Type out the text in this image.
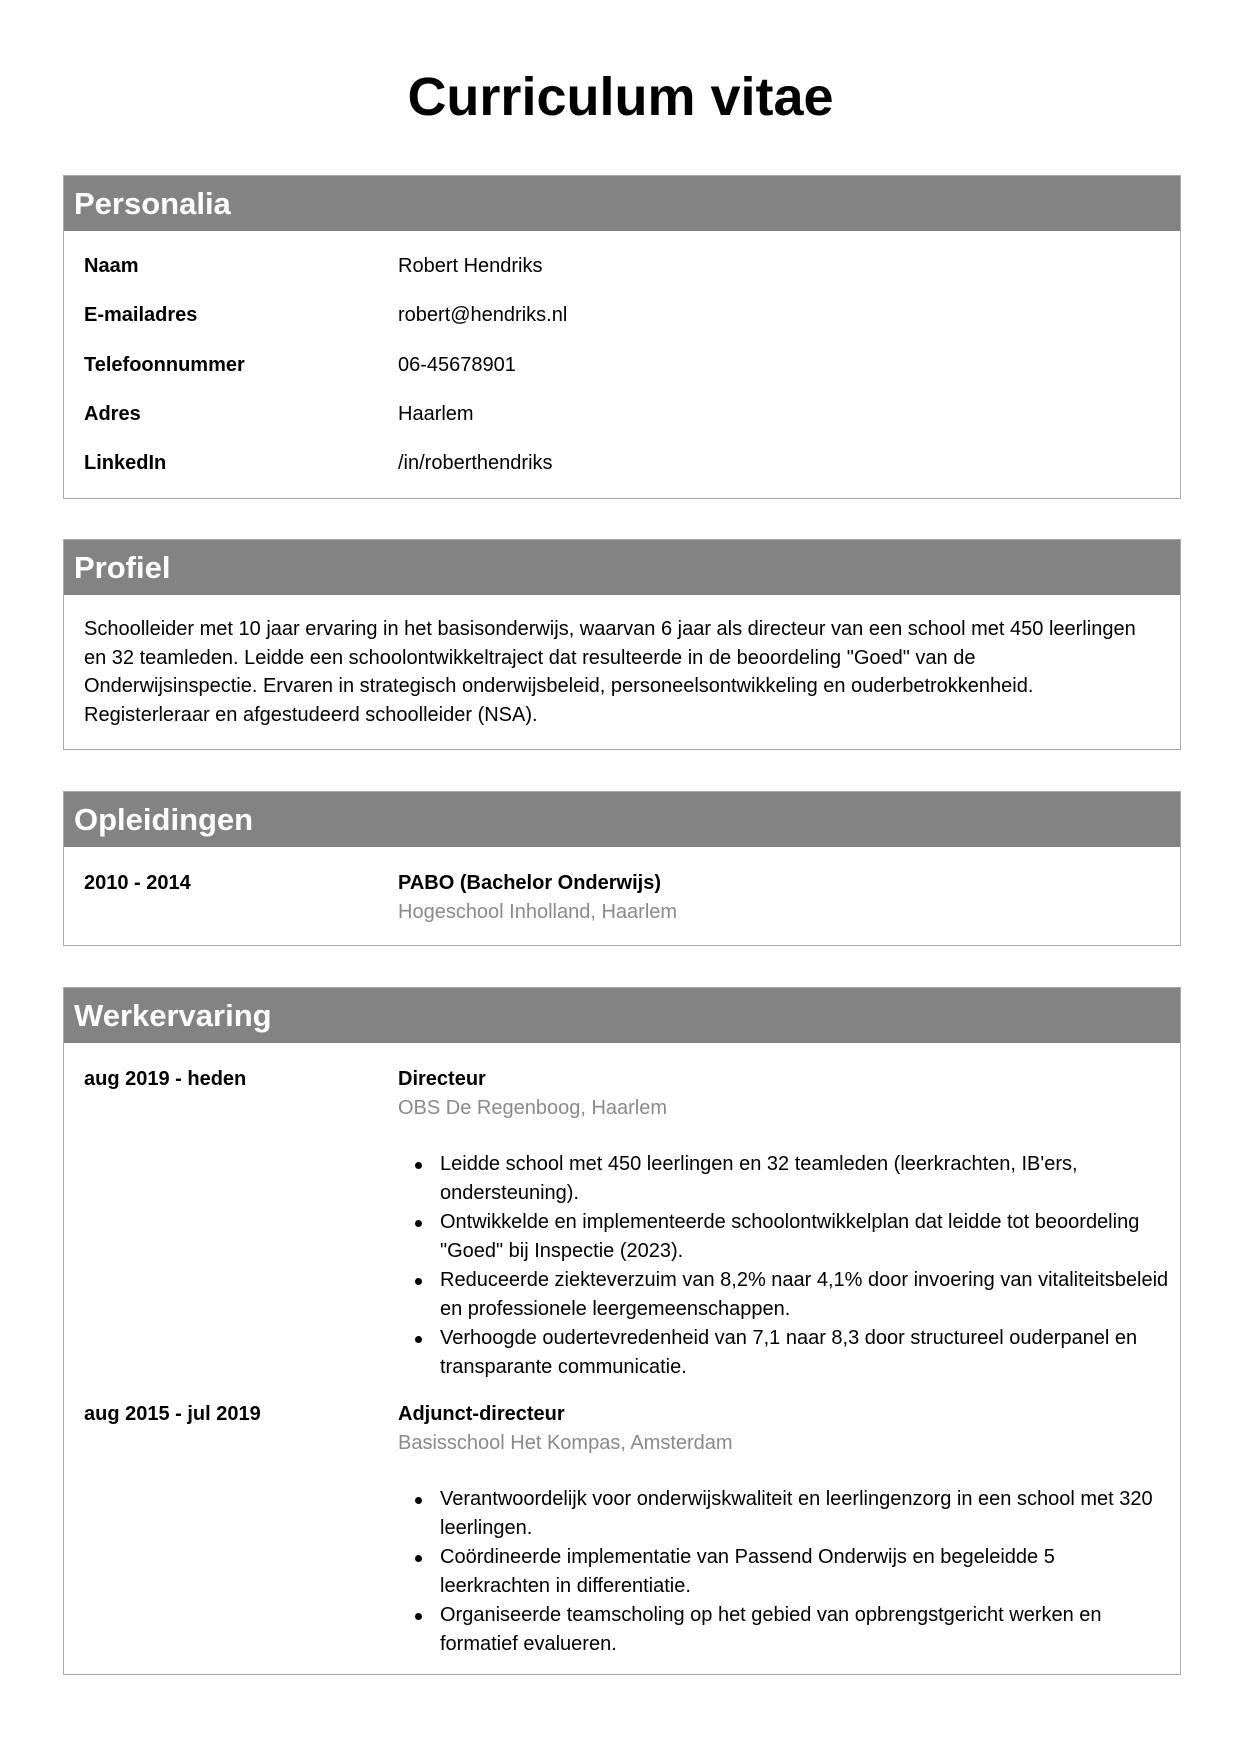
Curriculum vitae
Personalia
Naam	Robert Hendriks
E-mailadres	robert@hendriks.nl
Telefoonnummer	06-45678901
Adres	Haarlem
LinkedIn	/in/roberthendriks
Profiel
Schoolleider met 10 jaar ervaring in het basisonderwijs, waarvan 6 jaar als directeur van een school met 450 leerlingen en 32 teamleden. Leidde een schoolontwikkeltraject dat resulteerde in de beoordeling "Goed" van de Onderwijsinspectie. Ervaren in strategisch onderwijsbeleid, personeelsontwikkeling en ouderbetrokkenheid. Registerleraar en afgestudeerd schoolleider (NSA).
Opleidingen
2010 - 2014	PABO (Bachelor Onderwijs)
Hogeschool Inholland, Haarlem
Werkervaring
aug 2019 - heden	Directeur
OBS De Regenboog, Haarlem
Leidde school met 450 leerlingen en 32 teamleden (leerkrachten, IB'ers, ondersteuning).
Ontwikkelde en implementeerde schoolontwikkelplan dat leidde tot beoordeling "Goed" bij Inspectie (2023).
Reduceerde ziekteverzuim van 8,2% naar 4,1% door invoering van vitaliteitsbeleid en professionele leergemeenschappen.
Verhoogde oudertevredenheid van 7,1 naar 8,3 door structureel ouderpanel en transparante communicatie.
aug 2015 - jul 2019	Adjunct-directeur
Basisschool Het Kompas, Amsterdam
Verantwoordelijk voor onderwijskwaliteit en leerlingenzorg in een school met 320 leerlingen.
Coördineerde implementatie van Passend Onderwijs en begeleidde 5 leerkrachten in differentiatie.
Organiseerde teamscholing op het gebied van opbrengstgericht werken en formatief evalueren.
